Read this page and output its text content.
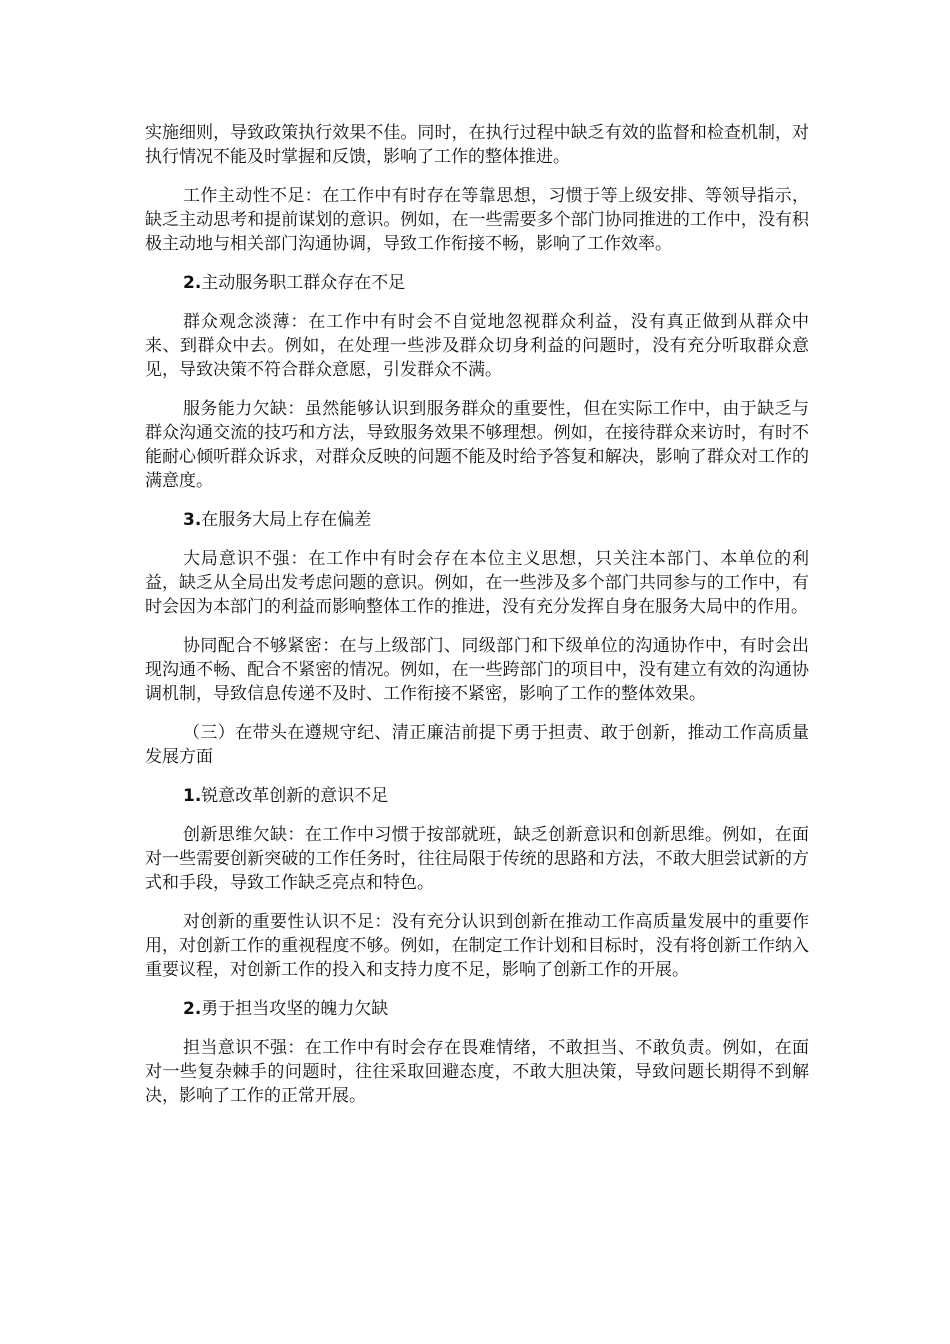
实施细则，导致政策执行效果不佳。同时，在执行过程中缺乏有效的监督和检查机制，对执行情况不能及时掌握和反馈，影响了工作的整体推进。

工作主动性不足：在工作中有时存在等靠思想，习惯于等上级安排、等领导指示，缺乏主动思考和提前谋划的意识。例如，在一些需要多个部门协同推进的工作中，没有积极主动地与相关部门沟通协调，导致工作衔接不畅，影响了工作效率。

2.主动服务职工群众存在不足

群众观念淡薄：在工作中有时会不自觉地忽视群众利益，没有真正做到从群众中来、到群众中去。例如，在处理一些涉及群众切身利益的问题时，没有充分听取群众意见，导致决策不符合群众意愿，引发群众不满。

服务能力欠缺：虽然能够认识到服务群众的重要性，但在实际工作中，由于缺乏与群众沟通交流的技巧和方法，导致服务效果不够理想。例如，在接待群众来访时，有时不能耐心倾听群众诉求，对群众反映的问题不能及时给予答复和解决，影响了群众对工作的满意度。

3.在服务大局上存在偏差

大局意识不强：在工作中有时会存在本位主义思想，只关注本部门、本单位的利益，缺乏从全局出发考虑问题的意识。例如，在一些涉及多个部门共同参与的工作中，有时会因为本部门的利益而影响整体工作的推进，没有充分发挥自身在服务大局中的作用。

协同配合不够紧密：在与上级部门、同级部门和下级单位的沟通协作中，有时会出现沟通不畅、配合不紧密的情况。例如，在一些跨部门的项目中，没有建立有效的沟通协调机制，导致信息传递不及时、工作衔接不紧密，影响了工作的整体效果。

（三）在带头在遵规守纪、清正廉洁前提下勇于担责、敢于创新，推动工作高质量发展方面

1.锐意改革创新的意识不足

创新思维欠缺：在工作中习惯于按部就班，缺乏创新意识和创新思维。例如，在面对一些需要创新突破的工作任务时，往往局限于传统的思路和方法，不敢大胆尝试新的方式和手段，导致工作缺乏亮点和特色。

对创新的重要性认识不足：没有充分认识到创新在推动工作高质量发展中的重要作用，对创新工作的重视程度不够。例如，在制定工作计划和目标时，没有将创新工作纳入重要议程，对创新工作的投入和支持力度不足，影响了创新工作的开展。

2.勇于担当攻坚的魄力欠缺

担当意识不强：在工作中有时会存在畏难情绪，不敢担当、不敢负责。例如，在面对一些复杂棘手的问题时，往往采取回避态度，不敢大胆决策，导致问题长期得不到解决，影响了工作的正常开展。
